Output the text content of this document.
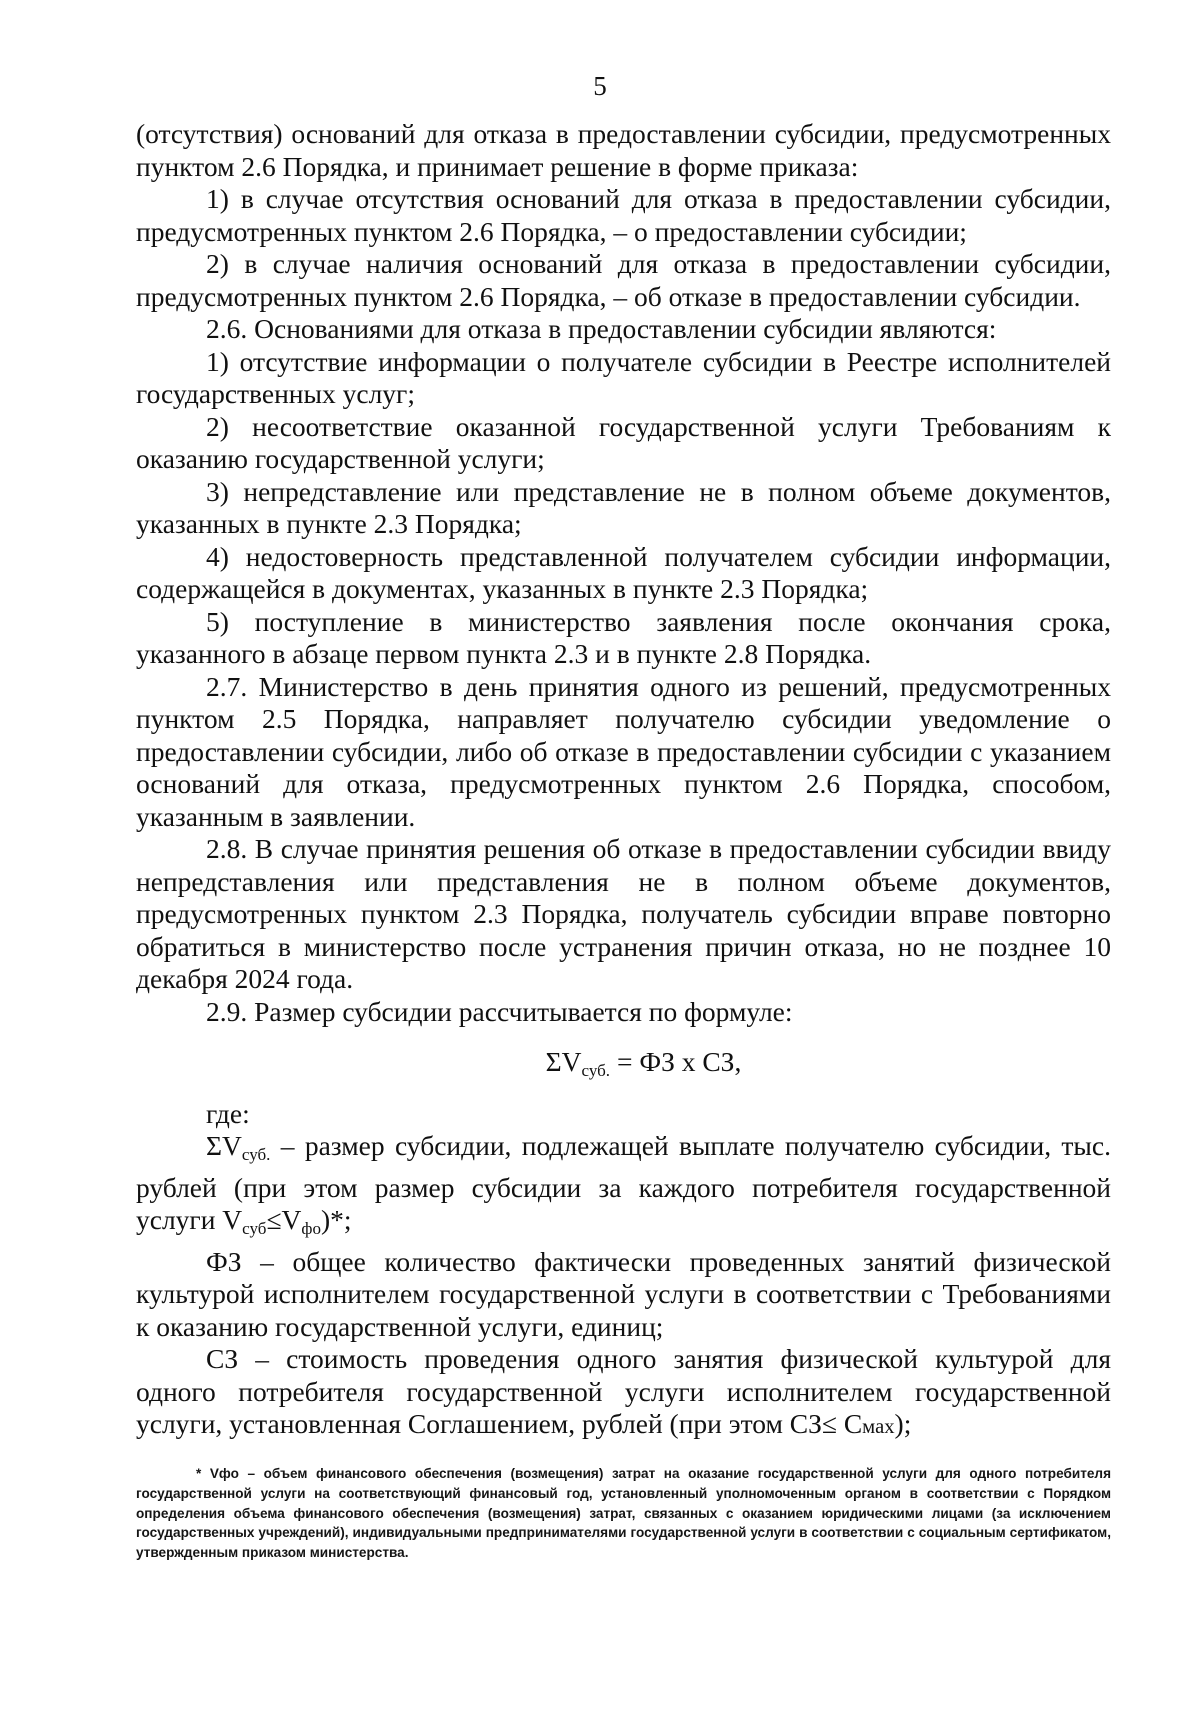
5

(отсутствия) оснований для отказа в предоставлении субсидии, предусмотренных пунктом 2.6 Порядка, и принимает решение в форме приказа:

1) в случае отсутствия оснований для отказа в предоставлении субсидии, предусмотренных пунктом 2.6 Порядка, – о предоставлении субсидии;

2) в случае наличия оснований для отказа в предоставлении субсидии, предусмотренных пунктом 2.6 Порядка, – об отказе в предоставлении субсидии.

2.6. Основаниями для отказа в предоставлении субсидии являются:

1) отсутствие информации о получателе субсидии в Реестре исполнителей государственных услуг;

2) несоответствие оказанной государственной услуги Требованиям к оказанию государственной услуги;

3) непредставление или представление не в полном объеме документов, указанных в пункте 2.3 Порядка;

4) недостоверность представленной получателем субсидии информации, содержащейся в документах, указанных в пункте 2.3 Порядка;

5) поступление в министерство заявления после окончания срока, указанного в абзаце первом пункта 2.3 и в пункте 2.8 Порядка.

2.7. Министерство в день принятия одного из решений, предусмотренных пунктом 2.5 Порядка, направляет получателю субсидии уведомление о предоставлении субсидии, либо об отказе в предоставлении субсидии с указанием оснований для отказа, предусмотренных пунктом 2.6 Порядка, способом, указанным в заявлении.

2.8. В случае принятия решения об отказе в предоставлении субсидии ввиду непредставления или представления не в полном объеме документов, предусмотренных пунктом 2.3 Порядка, получатель субсидии вправе повторно обратиться в министерство после устранения причин отказа, но не позднее 10 декабря 2024 года.

2.9. Размер субсидии рассчитывается по формуле:

$\Sigma V_{суб.}$ = ФЗ х СЗ,

где:

$\Sigma V_{суб.}$ – размер субсидии, подлежащей выплате получателю субсидии, тыс. рублей (при этом размер субсидии за каждого потребителя государственной услуги $V_{суб}\le V_{фо})*$;

ФЗ – общее количество фактически проведенных занятий физической культурой исполнителем государственной услуги в соответствии с Требованиями к оказанию государственной услуги, единиц;

СЗ – стоимость проведения одного занятия физической культурой для одного потребителя государственной услуги исполнителем государственной услуги, установленная Соглашением, рублей (при этом СЗ≤ Смах);

* Vфо – объем финансового обеспечения (возмещения) затрат на оказание государственной услуги для одного потребителя государственной услуги на соответствующий финансовый год, установленный уполномоченным органом в соответствии с Порядком определения объема финансового обеспечения (возмещения) затрат, связанных с оказанием юридическими лицами (за исключением государственных учреждений), индивидуальными предпринимателями государственной услуги в соответствии с социальным сертификатом, утвержденным приказом министерства.
